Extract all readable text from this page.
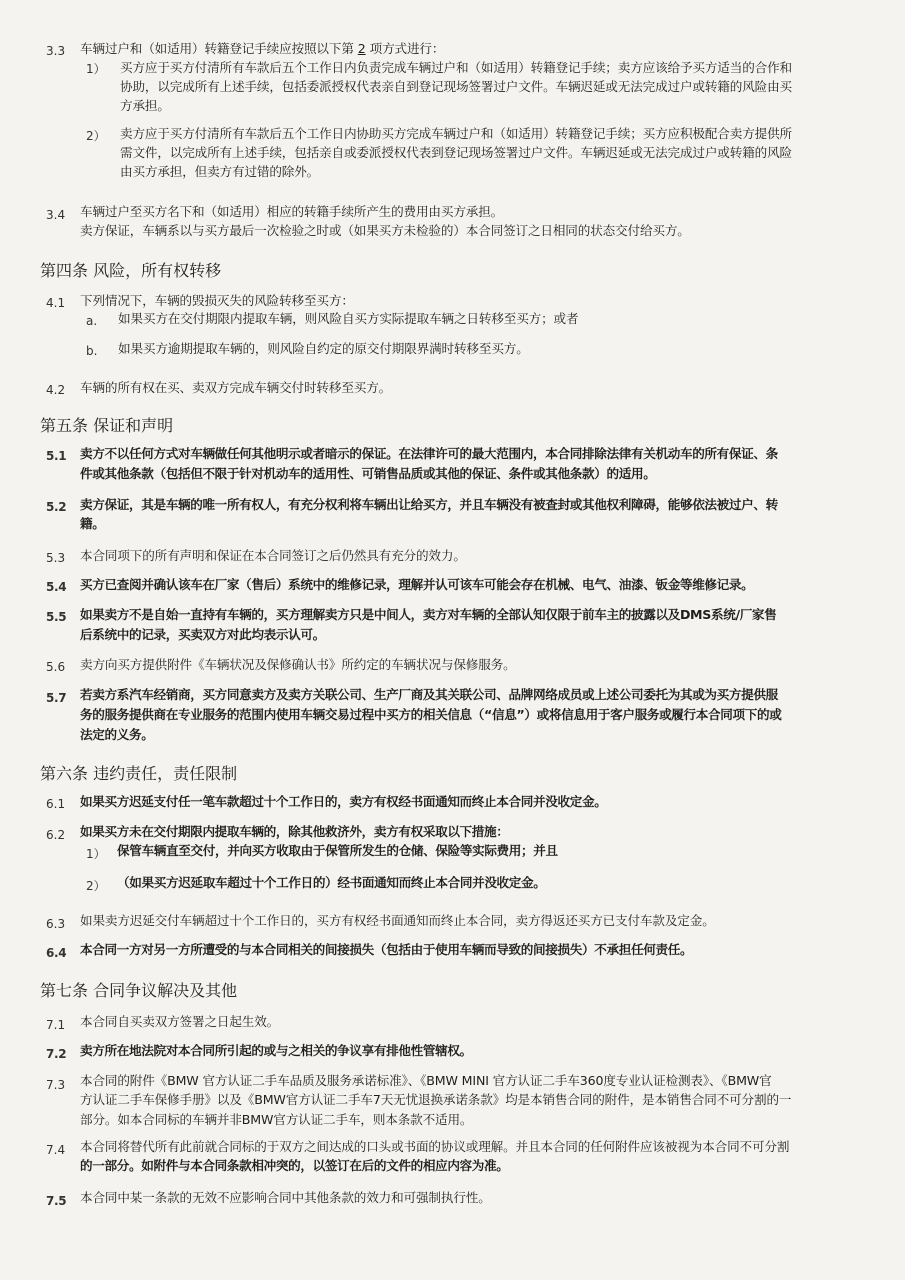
3.3 车辆过户和（如适用）转籍登记手续应按照以下第 2 项方式进行：
1） 买方应于买方付清所有车款后五个工作日内负责完成车辆过户和（如适用）转籍登记手续；卖方应该给予买方适当的合作和
协助，以完成所有上述手续，包括委派授权代表亲自到登记现场签署过户文件。车辆迟延或无法完成过户或转籍的风险由买
方承担。
2） 卖方应于买方付清所有车款后五个工作日内协助买方完成车辆过户和（如适用）转籍登记手续；买方应积极配合卖方提供所
需文件，以完成所有上述手续，包括亲自或委派授权代表到登记现场签署过户文件。车辆迟延或无法完成过户或转籍的风险
由买方承担，但卖方有过错的除外。
3.4 车辆过户至买方名下和（如适用）相应的转籍手续所产生的费用由买方承担。
卖方保证，车辆系以与买方最后一次检验之时或（如果买方未检验的）本合同签订之日相同的状态交付给买方。
第四条 风险，所有权转移
4.1 下列情况下，车辆的毁损灭失的风险转移至买方：
a. 如果买方在交付期限内提取车辆，则风险自买方实际提取车辆之日转移至买方；或者
b. 如果买方逾期提取车辆的，则风险自约定的原交付期限界满时转移至买方。
4.2 车辆的所有权在买、卖双方完成车辆交付时转移至买方。
第五条 保证和声明
5.1 卖方不以任何方式对车辆做任何其他明示或者暗示的保证。在法律许可的最大范围内，本合同排除法律有关机动车的所有保证、条
件或其他条款（包括但不限于针对机动车的适用性、可销售品质或其他的保证、条件或其他条款）的适用。
5.2 卖方保证，其是车辆的唯一所有权人，有充分权利将车辆出让给买方，并且车辆没有被查封或其他权利障碍，能够依法被过户、转
籍。
5.3 本合同项下的所有声明和保证在本合同签订之后仍然具有充分的效力。
5.4 买方已查阅并确认该车在厂家（售后）系统中的维修记录，理解并认可该车可能会存在机械、电气、油漆、钣金等维修记录。
5.5 如果卖方不是自始一直持有车辆的，买方理解卖方只是中间人，卖方对车辆的全部认知仅限于前车主的披露以及DMS系统/厂家售
后系统中的记录，买卖双方对此均表示认可。
5.6 卖方向买方提供附件《车辆状况及保修确认书》所约定的车辆状况与保修服务。
5.7 若卖方系汽车经销商，买方同意卖方及卖方关联公司、生产厂商及其关联公司、品牌网络成员或上述公司委托为其或为买方提供服
务的服务提供商在专业服务的范围内使用车辆交易过程中买方的相关信息（“信息”）或将信息用于客户服务或履行本合同项下的或
法定的义务。
第六条 违约责任，责任限制
6.1 如果买方迟延支付任一笔车款超过十个工作日的，卖方有权经书面通知而终止本合同并没收定金。
6.2 如果买方未在交付期限内提取车辆的，除其他救济外，卖方有权采取以下措施：
1） 保管车辆直至交付，并向买方收取由于保管所发生的仓储、保险等实际费用；并且
2） （如果买方迟延取车超过十个工作日的）经书面通知而终止本合同并没收定金。
6.3 如果卖方迟延交付车辆超过十个工作日的，买方有权经书面通知而终止本合同，卖方得返还买方已支付车款及定金。
6.4 本合同一方对另一方所遭受的与本合同相关的间接损失（包括由于使用车辆而导致的间接损失）不承担任何责任。
第七条 合同争议解决及其他
7.1 本合同自买卖双方签署之日起生效。
7.2 卖方所在地法院对本合同所引起的或与之相关的争议享有排他性管辖权。
7.3 本合同的附件《BMW 官方认证二手车品质及服务承诺标准》、《BMW MINI 官方认证二手车360度专业认证检测表》、《BMW官
方认证二手车保修手册》以及《BMW官方认证二手车7天无忧退换承诺条款》均是本销售合同的附件，是本销售合同不可分割的一
部分。如本合同标的车辆并非BMW官方认证二手车，则本条款不适用。
7.4 本合同将替代所有此前就合同标的于双方之间达成的口头或书面的协议或理解。并且本合同的任何附件应该被视为本合同不可分割
的一部分。如附件与本合同条款相冲突的，以签订在后的文件的相应内容为准。
7.5 本合同中某一条款的无效不应影响合同中其他条款的效力和可强制执行性。
